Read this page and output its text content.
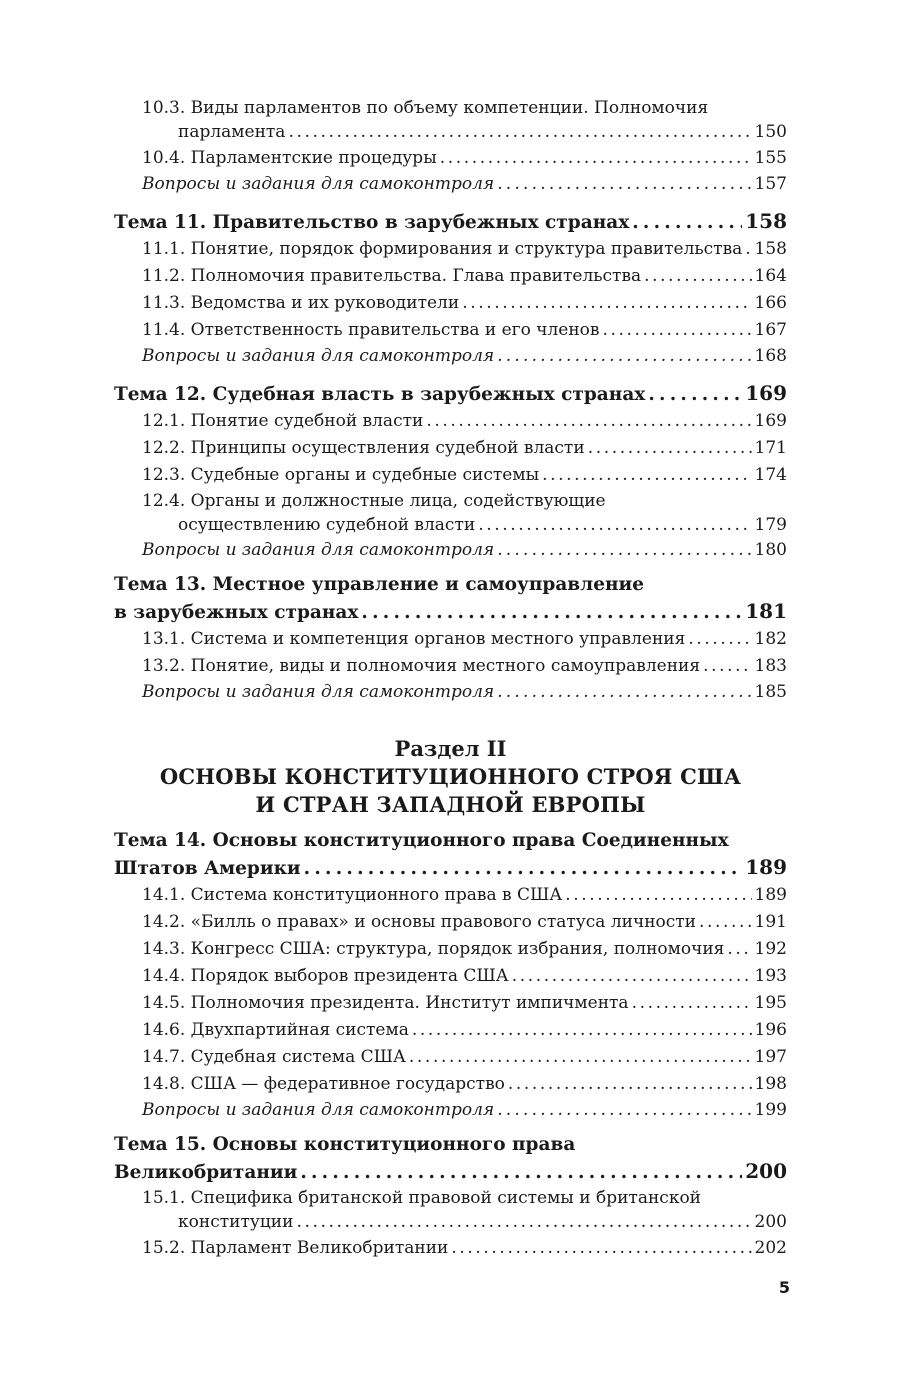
10.3. Виды парламентов по объему компетенции. Полномочия
парламента . . .	150
10.4. Парламентские процедуры . . .	155
Вопросы и задания для самоконтроля . . .	157
Тема 11. Правительство в зарубежных странах . . .	158
11.1. Понятие, порядок формирования и структура правительства . . . 158
11.2. Полномочия правительства. Глава правительства . . .	164
11.3. Ведомства и их руководители . . .	166
11.4. Ответственность правительства и его членов . . .	167
Вопросы и задания для самоконтроля . . .	168
Тема 12. Судебная власть в зарубежных странах . . .	169
12.1. Понятие судебной власти . . .	169
12.2. Принципы осуществления судебной власти . . .	171
12.3. Судебные органы и судебные системы . . .	174
12.4. Органы и должностные лица, содействующие
осуществлению судебной власти . . .	179
Вопросы и задания для самоконтроля . . .	180
Тема 13. Местное управление и самоуправление
в зарубежных странах . . .	181
13.1. Система и компетенция органов местного управления . . .	182
13.2. Понятие, виды и полномочия местного самоуправления . . .	183
Вопросы и задания для самоконтроля . . .	185
Раздел II
ОСНОВЫ КОНСТИТУЦИОННОГО СТРОЯ США
И СТРАН ЗАПАДНОЙ ЕВРОПЫ
Тема 14. Основы конституционного права Соединенных
Штатов Америки . . .	189
14.1. Система конституционного права в США . . .	189
14.2. «Билль о правах» и основы правового статуса личности . . .	191
14.3. Конгресс США: структура, порядок избрания, полномочия . . . 192
14.4. Порядок выборов президента США . . .	193
14.5. Полномочия президента. Институт импичмента . . .	195
14.6. Двухпартийная система . . .	196
14.7. Судебная система США . . .	197
14.8. США — федеративное государство . . .	198
Вопросы и задания для самоконтроля . . .	199
Тема 15. Основы конституционного права
Великобритании . . .	200
15.1. Специфика британской правовой системы и британской
конституции . . .	200
15.2. Парламент Великобритании . . .	202
5
